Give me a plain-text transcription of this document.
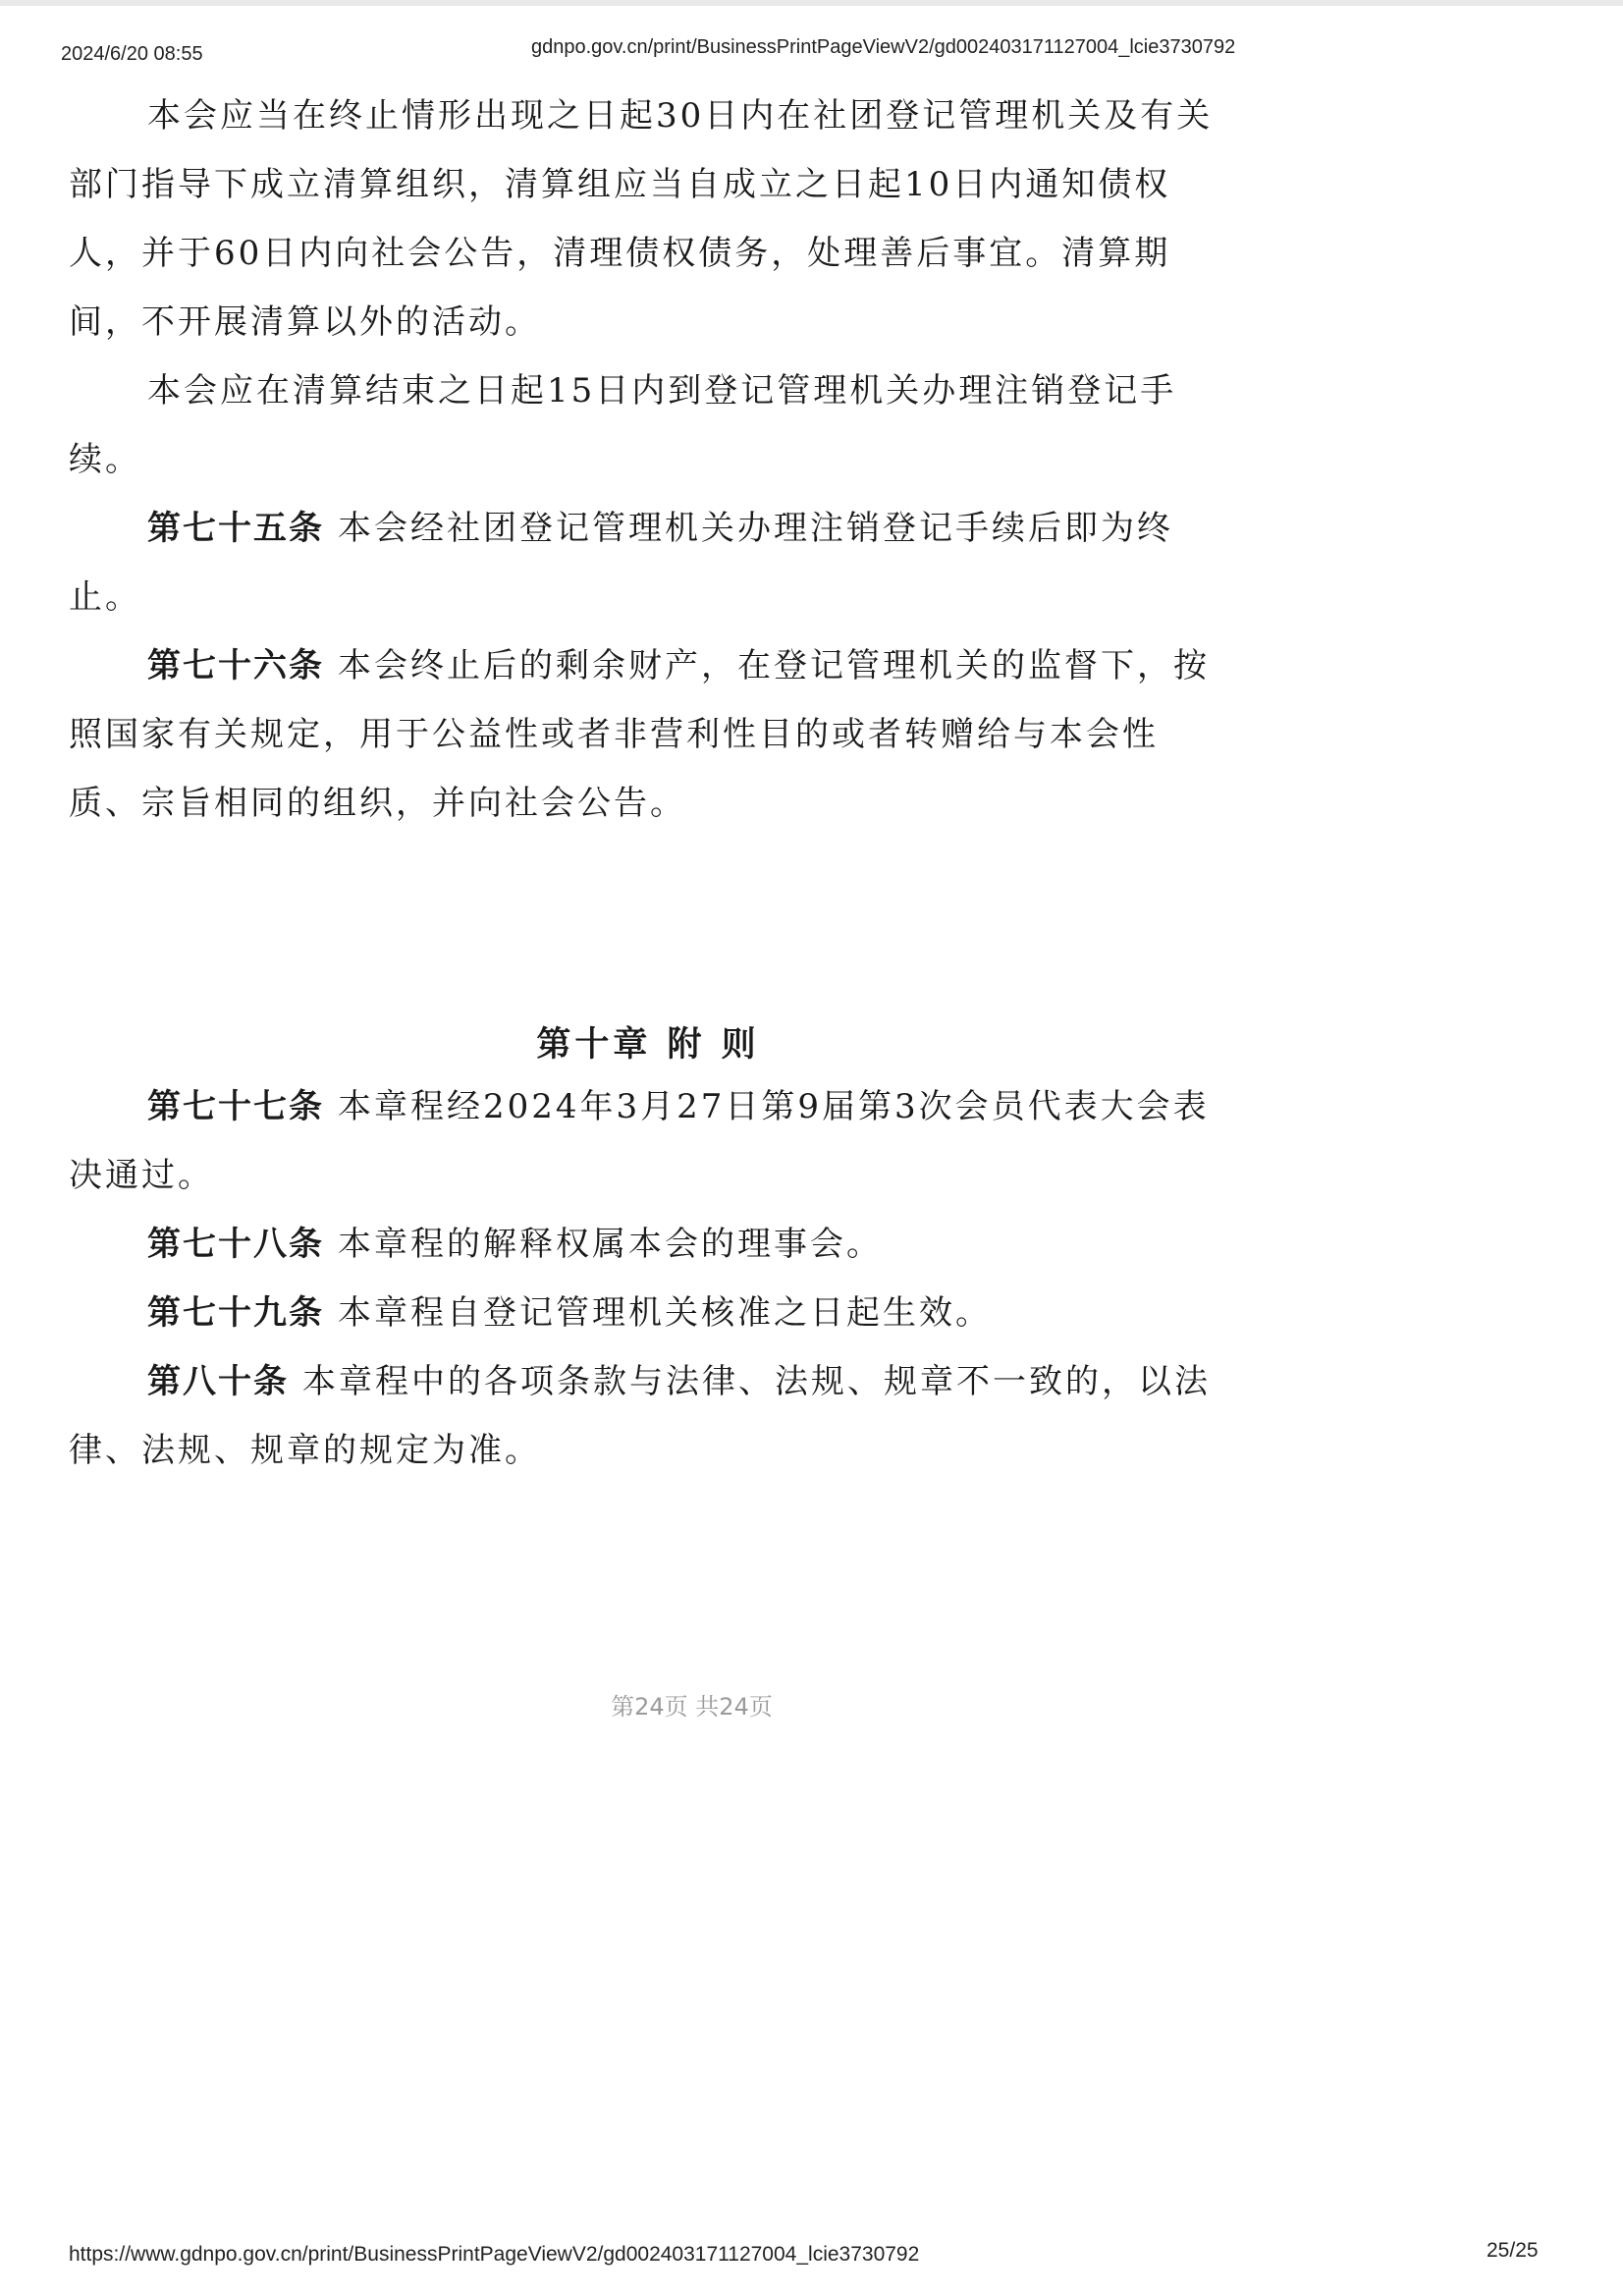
2024/6/20 08:55	gdnpo.gov.cn/print/BusinessPrintPageViewV2/gd002403171127004_lcie3730792

本会应当在终止情形出现之日起30日内在社团登记管理机关及有关部门指导下成立清算组织，清算组应当自成立之日起10日内通知债权人，并于60日内向社会公告，清理债权债务，处理善后事宜。清算期间，不开展清算以外的活动。

本会应在清算结束之日起15日内到登记管理机关办理注销登记手续。

第七十五条 本会经社团登记管理机关办理注销登记手续后即为终止。

第七十六条 本会终止后的剩余财产，在登记管理机关的监督下，按照国家有关规定，用于公益性或者非营利性目的或者转赠给与本会性质、宗旨相同的组织，并向社会公告。

第十章 附 则

第七十七条 本章程经2024年3月27日第9届第3次会员代表大会表决通过。

第七十八条 本章程的解释权属本会的理事会。

第七十九条 本章程自登记管理机关核准之日起生效。

第八十条 本章程中的各项条款与法律、法规、规章不一致的，以法律、法规、规章的规定为准。

第24页 共24页
https://www.gdnpo.gov.cn/print/BusinessPrintPageViewV2/gd002403171127004_lcie3730792	25/25
